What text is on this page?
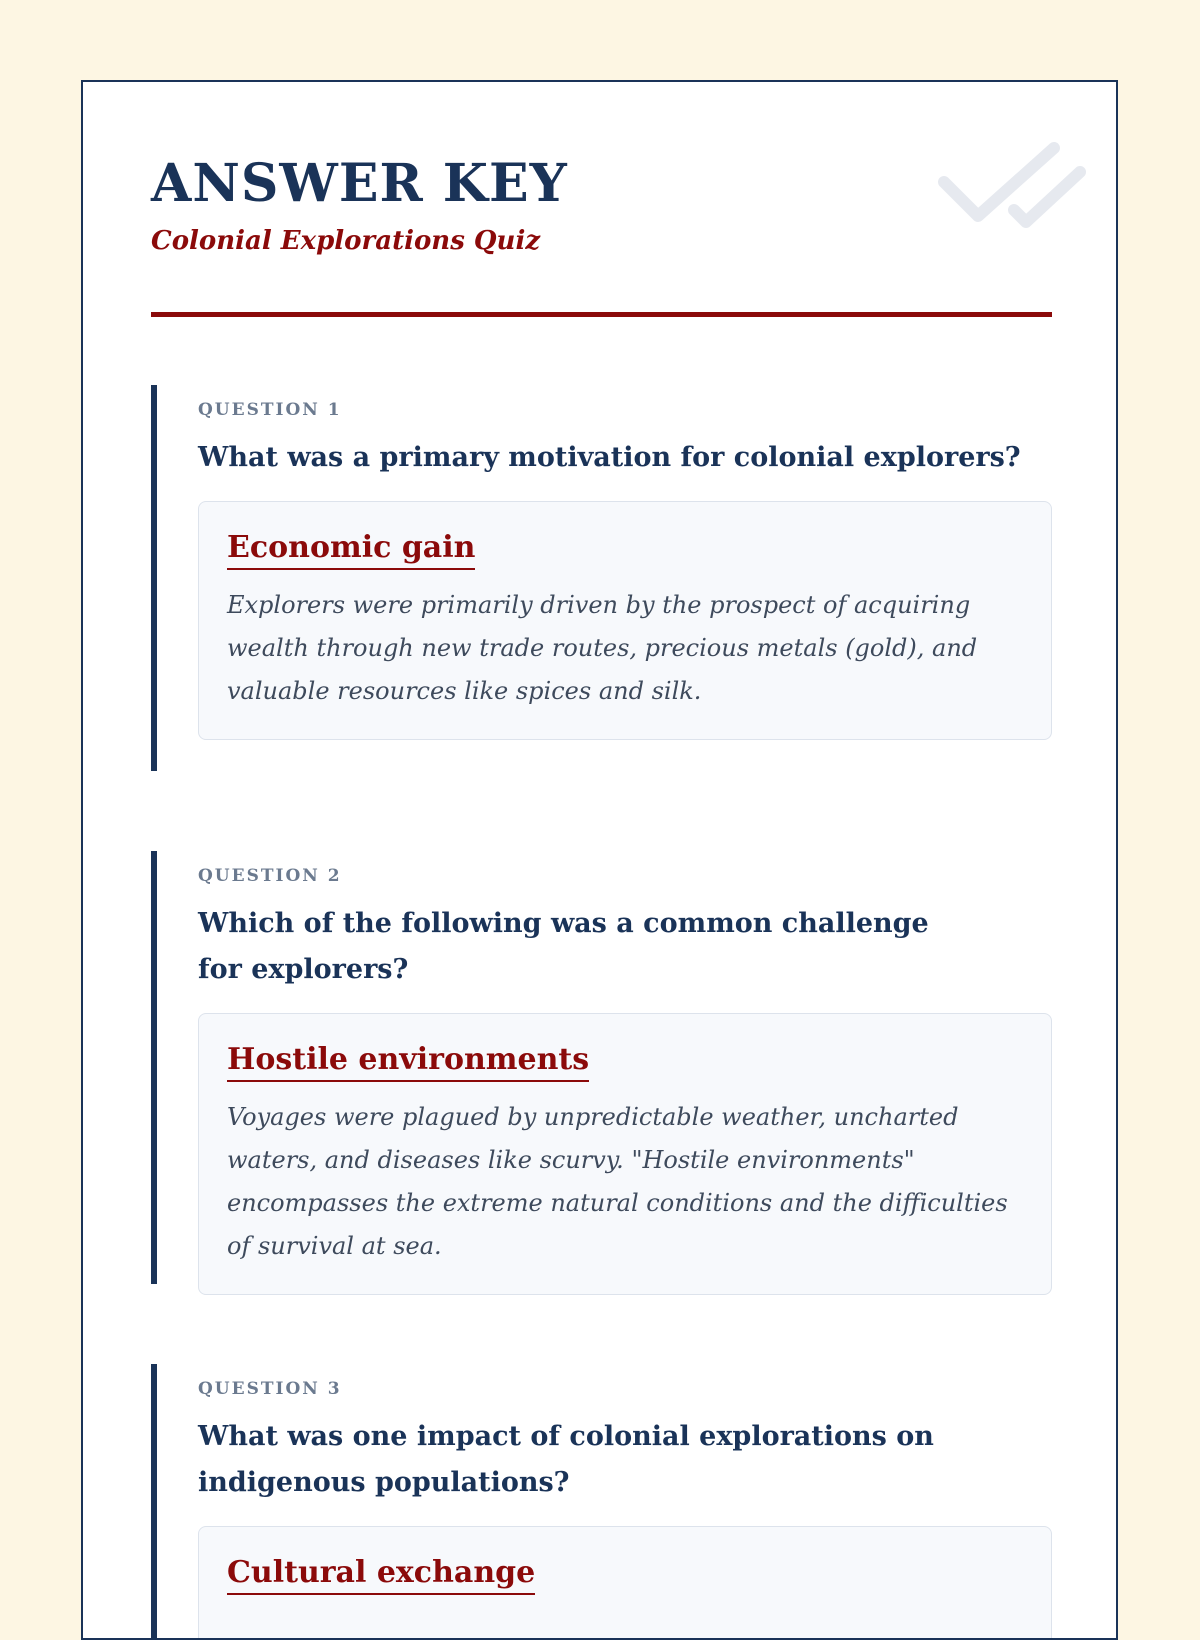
ANSWER KEY
Colonial Explorations Quiz
QUESTION 1
What was a primary motivation for colonial explorers?
Economic gain
Explorers were primarily driven by the prospect of acquiring wealth through new trade routes, precious metals (gold), and valuable resources like spices and silk.
QUESTION 2
Which of the following was a common challenge for explorers?
Hostile environments
Voyages were plagued by unpredictable weather, uncharted waters, and diseases like scurvy. "Hostile environments" encompasses the extreme natural conditions and the difficulties of survival at sea.
QUESTION 3
What was one impact of colonial explorations on indigenous populations?
Cultural exchange
